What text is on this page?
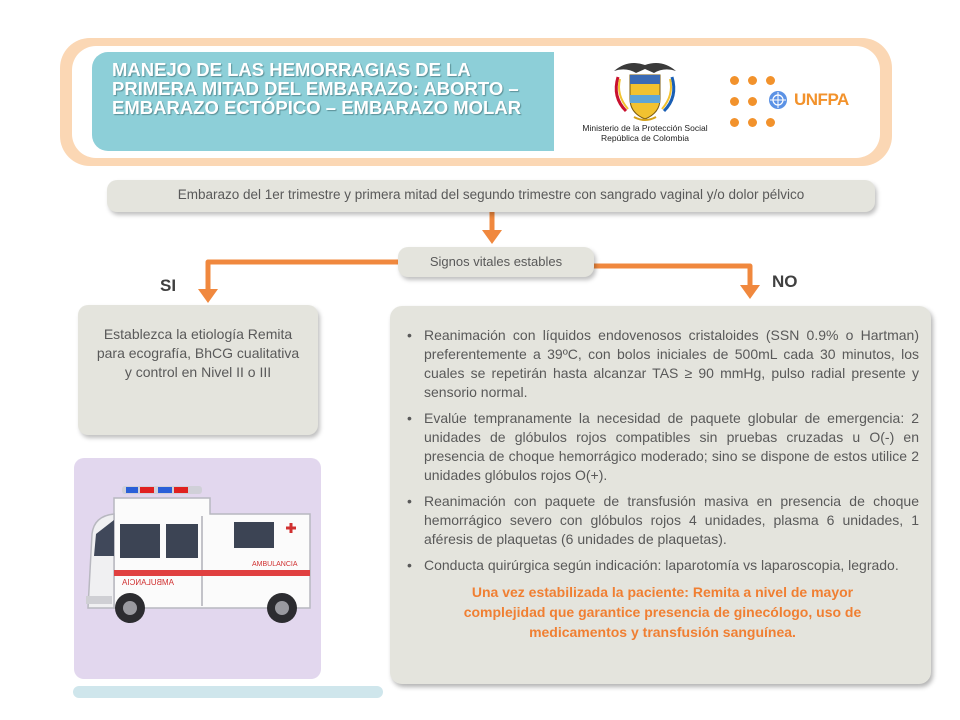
MANEJO DE LAS HEMORRAGIAS DE LA PRIMERA MITAD DEL EMBARAZO: ABORTO – EMBARAZO ECTÓPICO – EMBARAZO MOLAR
Ministerio de la Protección Social
República de Colombia
UNFPA
Embarazo del 1er trimestre y primera mitad del segundo trimestre con sangrado vaginal y/o dolor pélvico
Signos vitales estables
SI	NO
Establezca la etiología Remita para ecografía, BhCG cualitativa y control en Nivel II o III
• Reanimación con líquidos endovenosos cristaloides (SSN 0.9% o Hartman) preferentemente a 39ºC, con bolos iniciales de 500mL cada 30 minutos, los cuales se repetirán hasta alcanzar TAS ≥ 90 mmHg, pulso radial presente y sensorio normal.
• Evalúe tempranamente la necesidad de paquete globular de emergencia: 2 unidades de glóbulos rojos compatibles sin pruebas cruzadas u O(-) en presencia de choque hemorrágico moderado; sino se dispone de estos utilice 2 unidades glóbulos rojos O(+).
• Reanimación con paquete de transfusión masiva en presencia de choque hemorrágico severo con glóbulos rojos 4 unidades, plasma 6 unidades, 1 aféresis de plaquetas (6 unidades de plaquetas).
• Conducta quirúrgica según indicación: laparotomía vs laparoscopia, legrado.
Una vez estabilizada la paciente: Remita a nivel de mayor complejidad que garantice presencia de ginecólogo, uso de medicamentos y transfusión sanguínea.
AMBULANCIA
AMBULANCIA
